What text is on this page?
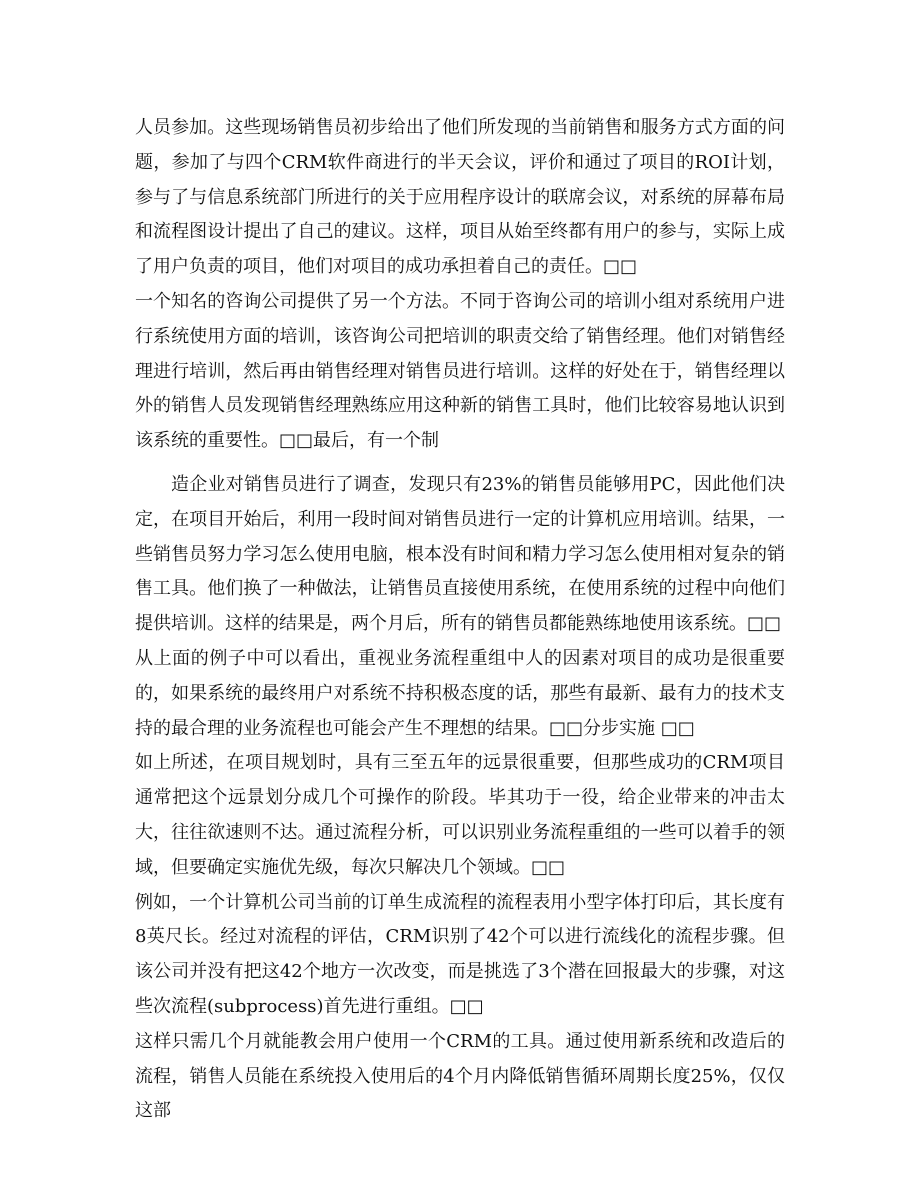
人员参加。这些现场销售员初步给出了他们所发现的当前销售和服务方式方面的问题，参加了与四个CRM软件商进行的半天会议，评价和通过了项目的ROI计划，参与了与信息系统部门所进行的关于应用程序设计的联席会议，对系统的屏幕布局和流程图设计提出了自己的建议。这样，项目从始至终都有用户的参与，实际上成了用户负责的项目，他们对项目的成功承担着自己的责任。□□

一个知名的咨询公司提供了另一个方法。不同于咨询公司的培训小组对系统用户进行系统使用方面的培训，该咨询公司把培训的职责交给了销售经理。他们对销售经理进行培训，然后再由销售经理对销售员进行培训。这样的好处在于，销售经理以外的销售人员发现销售经理熟练应用这种新的销售工具时，他们比较容易地认识到该系统的重要性。□□最后，有一个制

造企业对销售员进行了调查，发现只有23%的销售员能够用PC，因此他们决定，在项目开始后，利用一段时间对销售员进行一定的计算机应用培训。结果，一些销售员努力学习怎么使用电脑，根本没有时间和精力学习怎么使用相对复杂的销售工具。他们换了一种做法，让销售员直接使用系统，在使用系统的过程中向他们提供培训。这样的结果是，两个月后，所有的销售员都能熟练地使用该系统。□□

从上面的例子中可以看出，重视业务流程重组中人的因素对项目的成功是很重要的，如果系统的最终用户对系统不持积极态度的话，那些有最新、最有力的技术支持的最合理的业务流程也可能会产生不理想的结果。□□分步实施 □□

如上所述，在项目规划时，具有三至五年的远景很重要，但那些成功的CRM项目通常把这个远景划分成几个可操作的阶段。毕其功于一役，给企业带来的冲击太大，往往欲速则不达。通过流程分析，可以识别业务流程重组的一些可以着手的领域，但要确定实施优先级，每次只解决几个领域。□□

例如，一个计算机公司当前的订单生成流程的流程表用小型字体打印后，其长度有8英尺长。经过对流程的评估，CRM识别了42个可以进行流线化的流程步骤。但该公司并没有把这42个地方一次改变，而是挑选了3个潜在回报最大的步骤，对这些次流程(subprocess)首先进行重组。□□

这样只需几个月就能教会用户使用一个CRM的工具。通过使用新系统和改造后的流程，销售人员能在系统投入使用后的4个月内降低销售循环周期长度25%，仅仅这部
